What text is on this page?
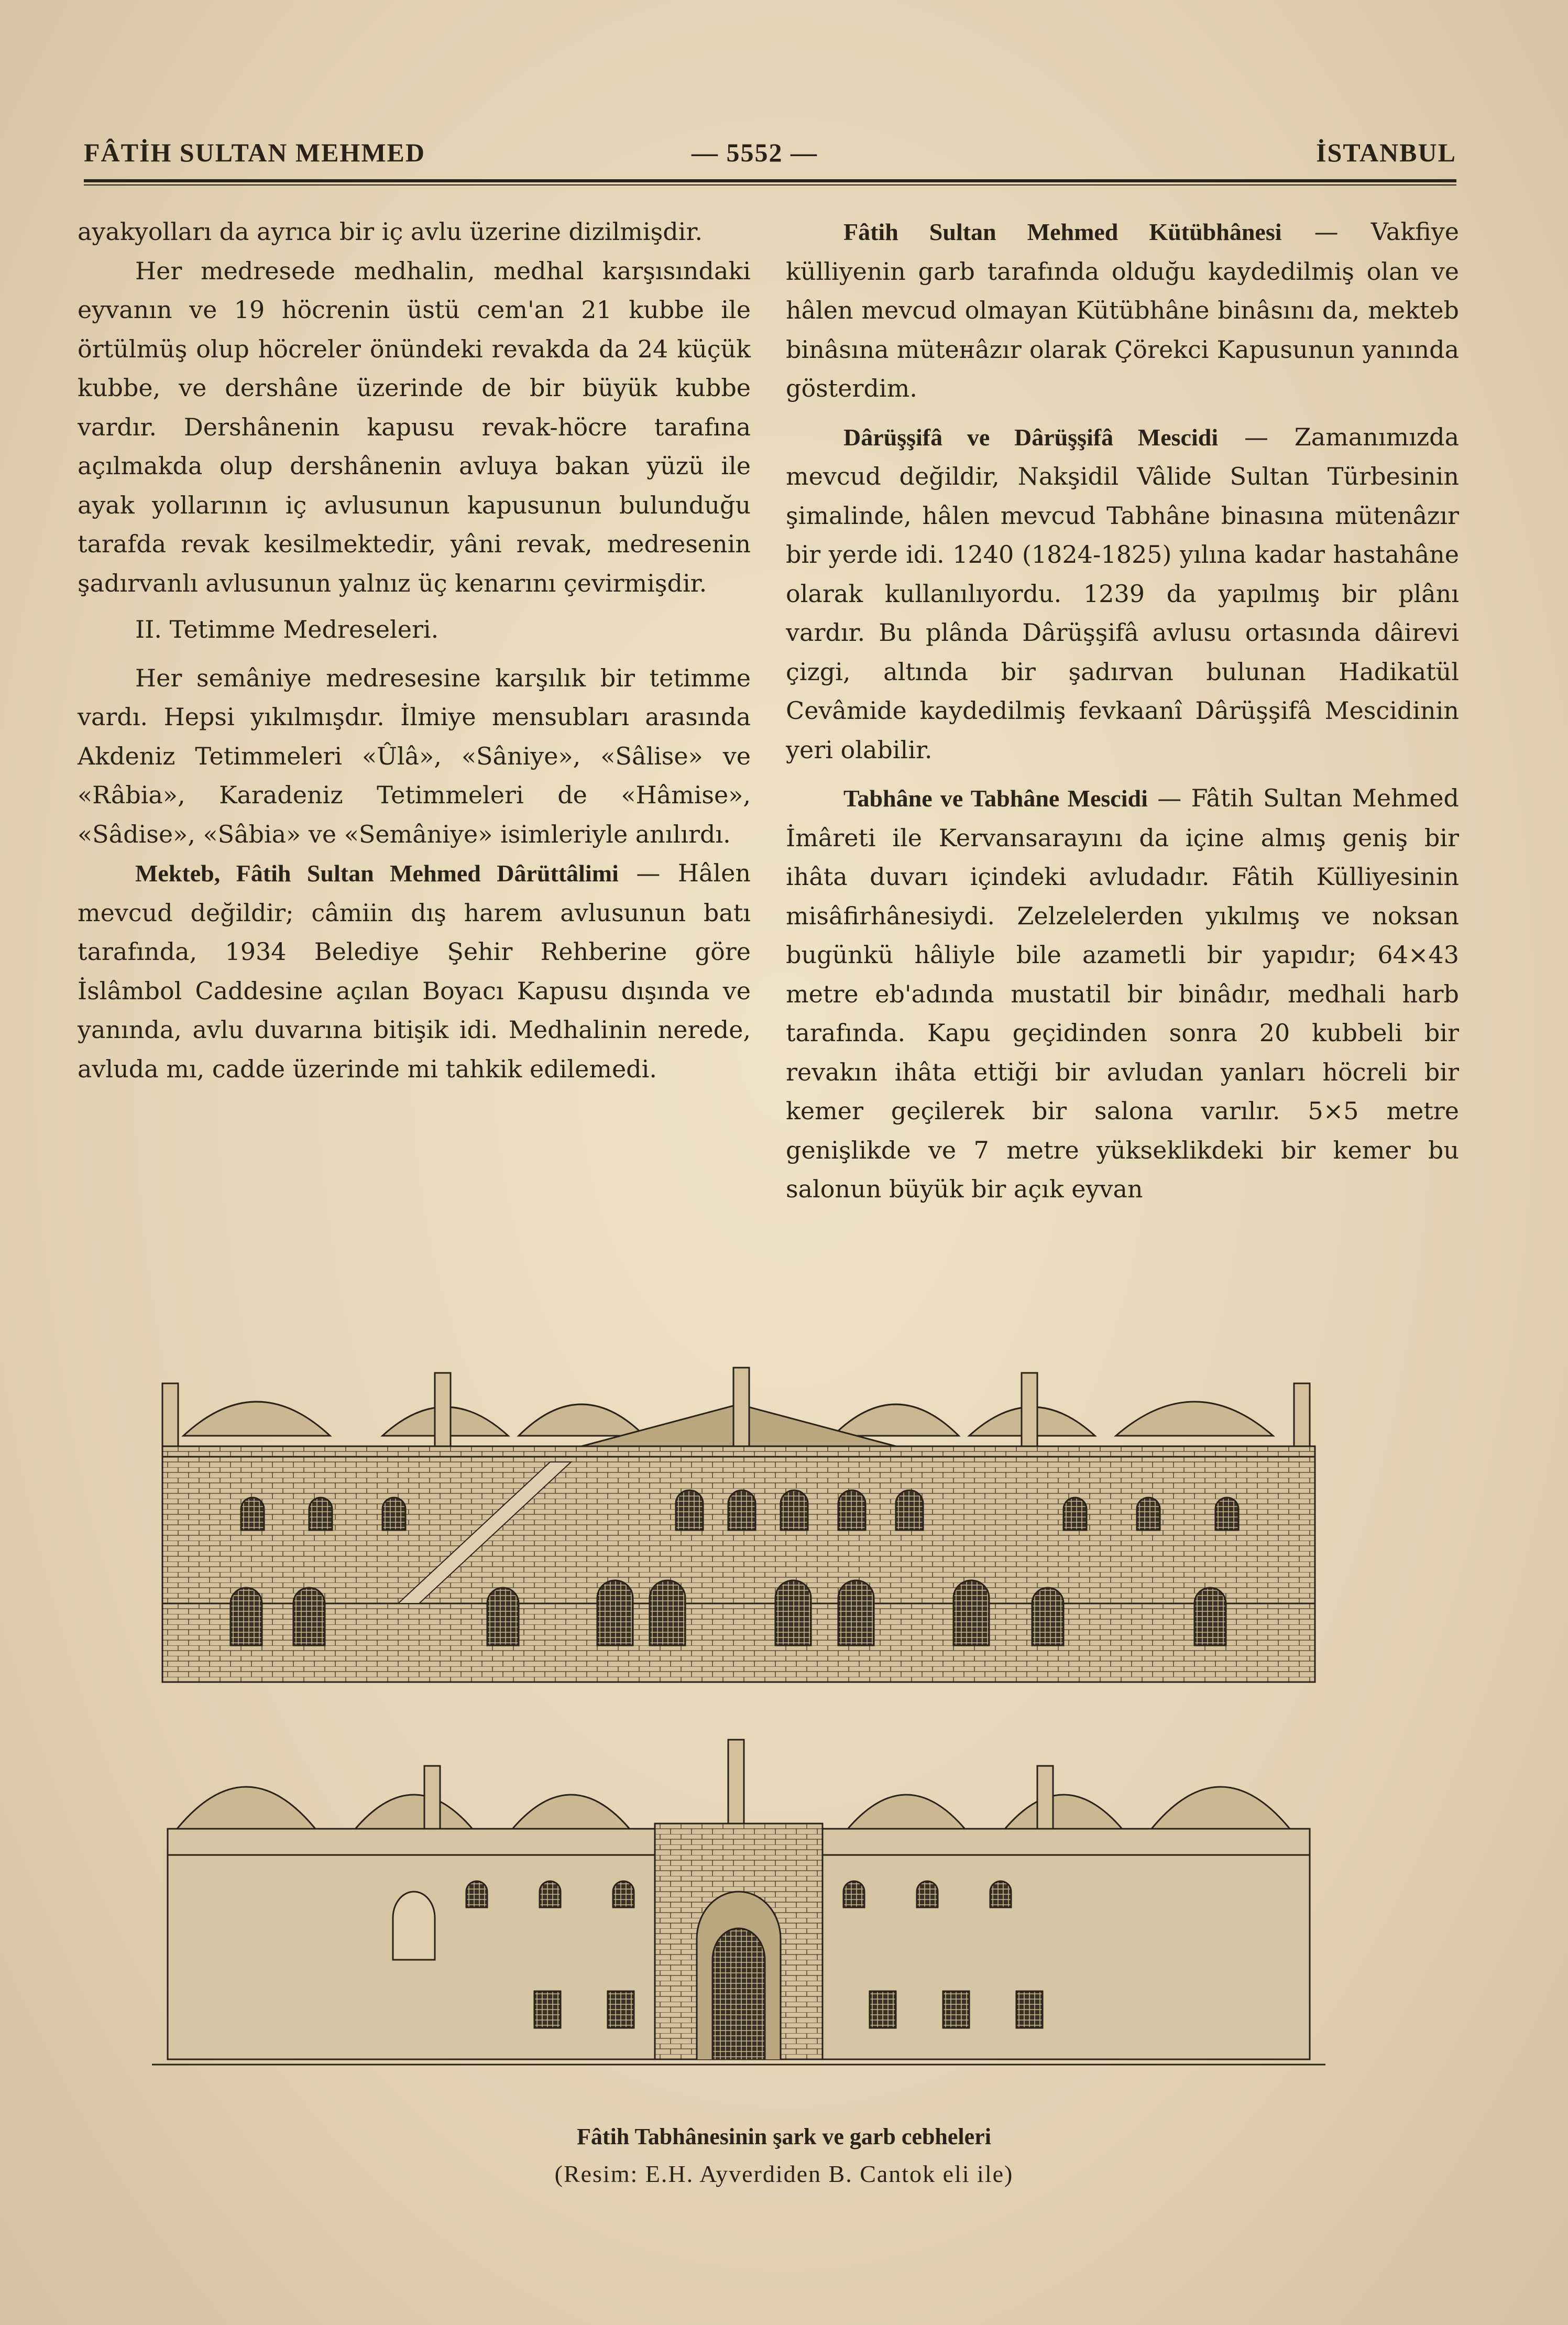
FÂTİH SULTAN MEHMED	— 5552 —	İSTANBUL

ayakyolları da ayrıca bir iç avlu üzerine dizilmişdir.

Her medresede medhalin, medhal karşısındaki eyvanın ve 19 höcrenin üstü cem'an 21 kubbe ile örtülmüş olup höcreler önündeki revakda da 24 küçük kubbe, ve dershâne üzerinde de bir büyük kubbe vardır. Dershânenin kapusu revak-höcre tarafına açılmakda olup dershânenin avluya bakan yüzü ile ayak yollarının iç avlusunun kapusunun bulunduğu tarafda revak kesilmektedir, yâni revak, medresenin şadırvanlı avlusunun yalnız üç kenarını çevirmişdir.

II. Tetimme Medreseleri.

Her semâniye medresesine karşılık bir tetimme vardı. Hepsi yıkılmışdır. İlmiye mensubları arasında Akdeniz Tetimmeleri «Ûlâ», «Sâniye», «Sâlise» ve «Râbia», Karadeniz Tetimmeleri de «Hâmise», «Sâdise», «Sâbia» ve «Semâniye» isimleriyle anılırdı.

Mekteb, Fâtih Sultan Mehmed Dârüttâlimi — Hâlen mevcud değildir; câmiin dış harem avlusunun batı tarafında, 1934 Belediye Şehir Rehberine göre İslâmbol Caddesine açılan Boyacı Kapusu dışında ve yanında, avlu duvarına bitişik idi. Medhalinin nerede, avluda mı, cadde üzerinde mi tahkik edilemedi.

Fâtih Sultan Mehmed Kütübhânesi — Vakfiye külliyenin garb tarafında olduğu kaydedilmiş olan ve hâlen mevcud olmayan Kütübhâne binâsını da, mekteb binâsına müteнâzır olarak Çörekci Kapusunun yanında gösterdim.

Dârüşşifâ ve Dârüşşifâ Mescidi — Zamanımızda mevcud değildir, Nakşidil Vâlide Sultan Türbesinin şimalinde, hâlen mevcud Tabhâne binasına mütenâzır bir yerde idi. 1240 (1824-1825) yılına kadar hastahâne olarak kullanılıyordu. 1239 da yapılmış bir plânı vardır. Bu plânda Dârüşşifâ avlusu ortasında dâirevi çizgi, altında bir şadırvan bulunan Hadikatül Cevâmide kaydedilmiş fevkaanî Dârüşşifâ Mescidinin yeri olabilir.

Tabhâne ve Tabhâne Mescidi — Fâtih Sultan Mehmed İmâreti ile Kervansarayını da içine almış geniş bir ihâta duvarı içindeki avludadır. Fâtih Külliyesinin misâfirhânesiydi. Zelzelelerden yıkılmış ve noksan bugünkü hâliyle bile azametli bir yapıdır; 64×43 metre eb'adında mustatil bir binâdır, medhali harb tarafında. Kapu geçidinden sonra 20 kubbeli bir revakın ihâta ettiği bir avludan yanları höcreli bir kemer geçilerek bir salona varılır. 5×5 metre genişlikde ve 7 metre yükseklikdeki bir kemer bu salonun büyük bir açık eyvan

Fâtih Tabhânesinin şark ve garb cebheleri
(Resim: E.H. Ayverdiden B. Cantok eli ile)
